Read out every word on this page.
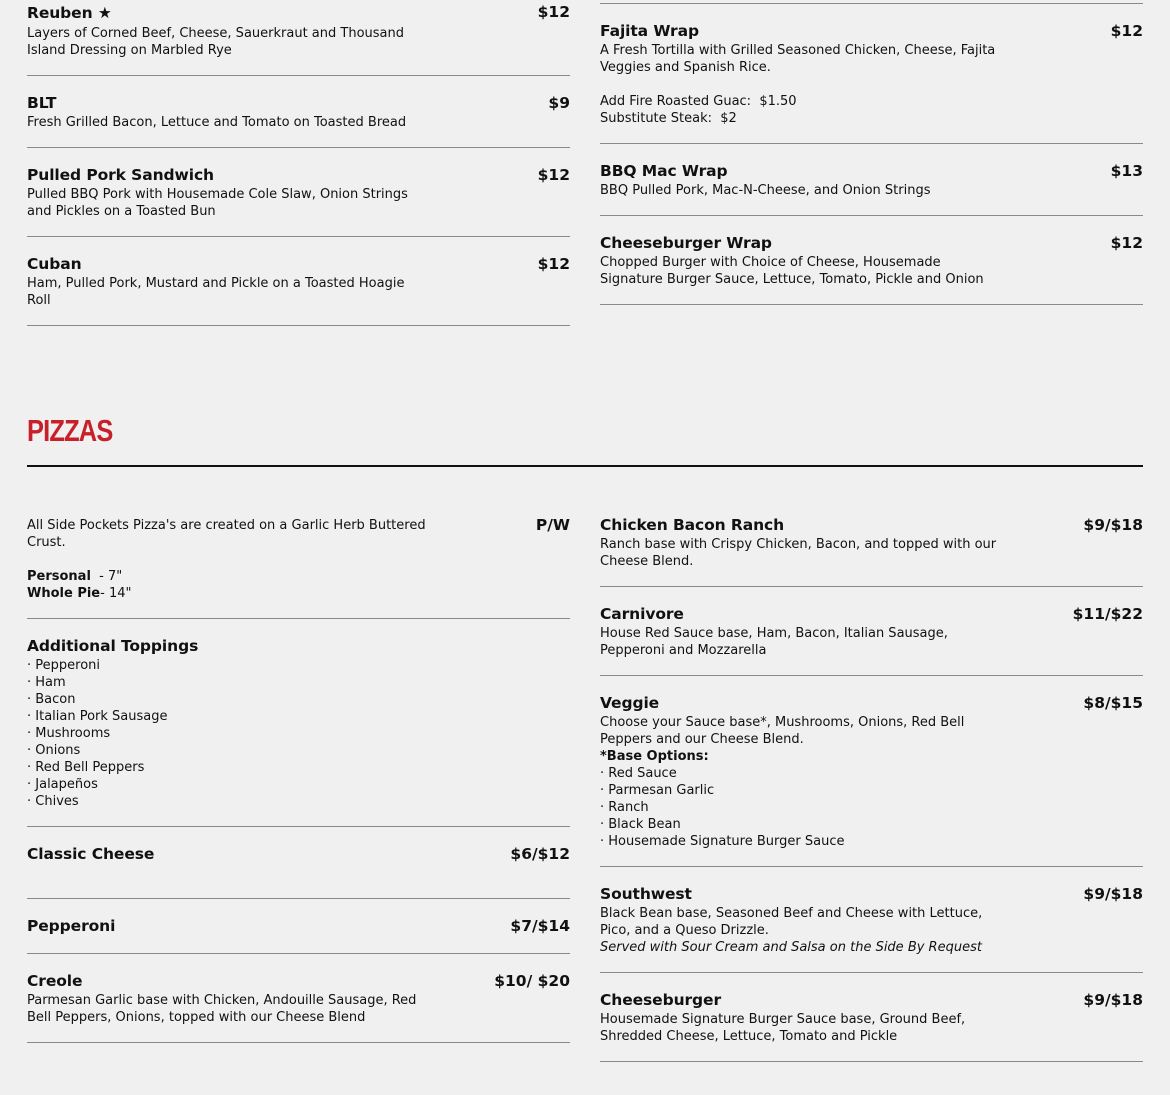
Reuben ★	$12
Layers of Corned Beef, Cheese, Sauerkraut and Thousand
Island Dressing on Marbled Rye
BLT	$9
Fresh Grilled Bacon, Lettuce and Tomato on Toasted Bread
Pulled Pork Sandwich	$12
Pulled BBQ Pork with Housemade Cole Slaw, Onion Strings
and Pickles on a Toasted Bun
Cuban	$12
Ham, Pulled Pork, Mustard and Pickle on a Toasted Hoagie
Roll
Fajita Wrap	$12
A Fresh Tortilla with Grilled Seasoned Chicken, Cheese, Fajita
Veggies and Spanish Rice.
Add Fire Roasted Guac:  $1.50
Substitute Steak:  $2
BBQ Mac Wrap	$13
BBQ Pulled Pork, Mac-N-Cheese, and Onion Strings
Cheeseburger Wrap	$12
Chopped Burger with Choice of Cheese, Housemade
Signature Burger Sauce, Lettuce, Tomato, Pickle and Onion
PIZZAS
All Side Pockets Pizza's are created on a Garlic Herb Buttered
Crust.
Personal  - 7"
Whole Pie- 14"
P/W
Additional Toppings
· Pepperoni
· Ham
· Bacon
· Italian Pork Sausage
· Mushrooms
· Onions
· Red Bell Peppers
· Jalapeños
· Chives
Classic Cheese	$6/$12
Pepperoni	$7/$14
Creole	$10/ $20
Parmesan Garlic base with Chicken, Andouille Sausage, Red
Bell Peppers, Onions, topped with our Cheese Blend
Chicken Bacon Ranch	$9/$18
Ranch base with Crispy Chicken, Bacon, and topped with our
Cheese Blend.
Carnivore	$11/$22
House Red Sauce base, Ham, Bacon, Italian Sausage,
Pepperoni and Mozzarella
Veggie	$8/$15
Choose your Sauce base*, Mushrooms, Onions, Red Bell
Peppers and our Cheese Blend.
*Base Options:
· Red Sauce
· Parmesan Garlic
· Ranch
· Black Bean
· Housemade Signature Burger Sauce
Southwest	$9/$18
Black Bean base, Seasoned Beef and Cheese with Lettuce,
Pico, and a Queso Drizzle.
Served with Sour Cream and Salsa on the Side By Request
Cheeseburger	$9/$18
Housemade Signature Burger Sauce base, Ground Beef,
Shredded Cheese, Lettuce, Tomato and Pickle
